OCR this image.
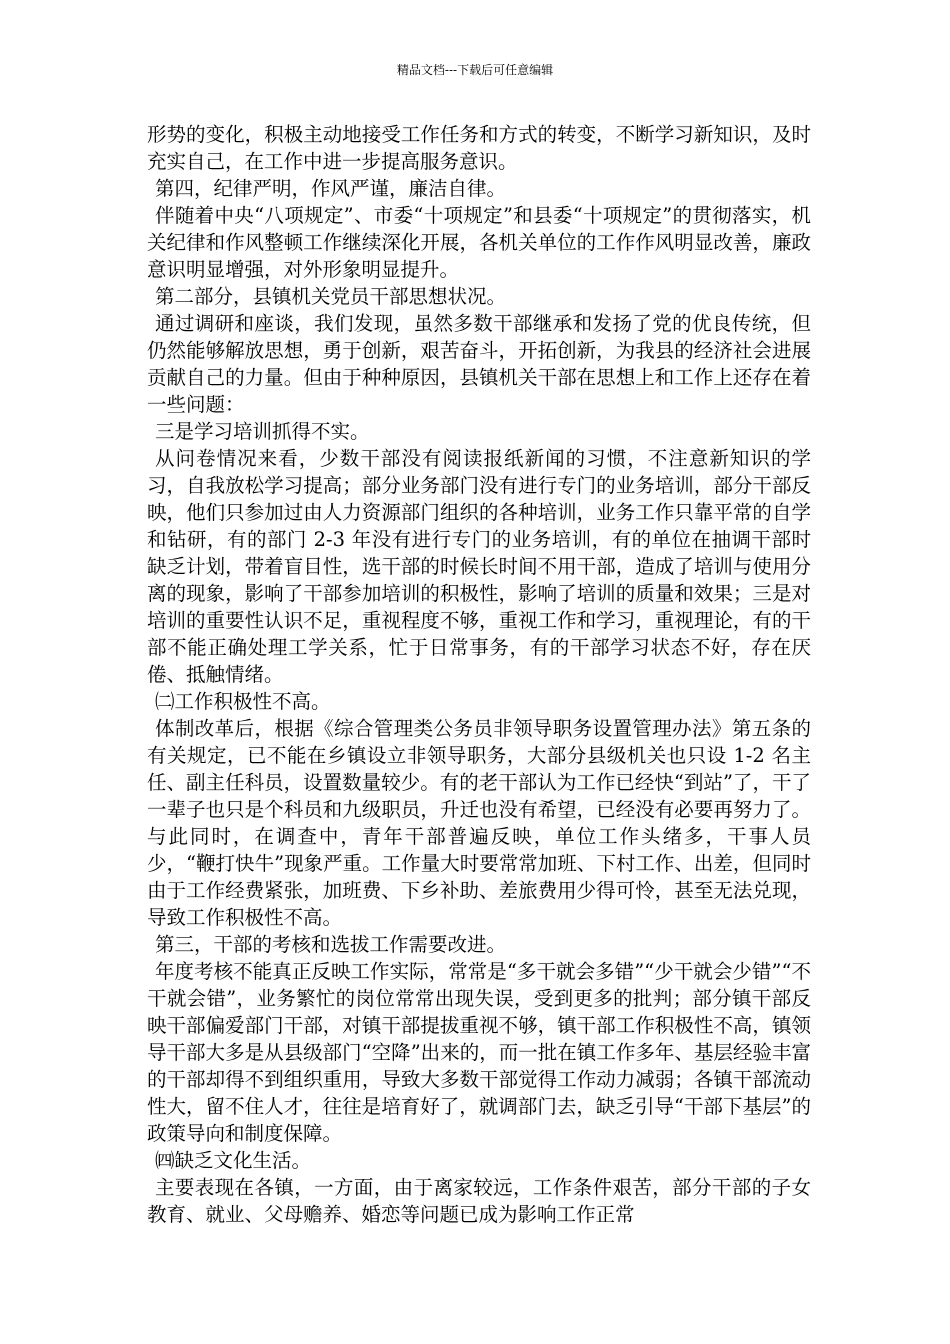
精品文档---下载后可任意编辑

形势的变化，积极主动地接受工作任务和方式的转变，不断学习新知识，及时充实自己，在工作中进一步提高服务意识。

第四，纪律严明，作风严谨，廉洁自律。

伴随着中央“八项规定”、市委“十项规定”和县委“十项规定”的贯彻落实，机关纪律和作风整顿工作继续深化开展，各机关单位的工作作风明显改善，廉政意识明显增强，对外形象明显提升。

第二部分，县镇机关党员干部思想状况。

通过调研和座谈，我们发现，虽然多数干部继承和发扬了党的优良传统，但仍然能够解放思想，勇于创新，艰苦奋斗，开拓创新，为我县的经济社会进展贡献自己的力量。但由于种种原因，县镇机关干部在思想上和工作上还存在着一些问题：

三是学习培训抓得不实。

从问卷情况来看，少数干部没有阅读报纸新闻的习惯，不注意新知识的学习，自我放松学习提高；部分业务部门没有进行专门的业务培训，部分干部反映，他们只参加过由人力资源部门组织的各种培训，业务工作只靠平常的自学和钻研，有的部门 2-3 年没有进行专门的业务培训，有的单位在抽调干部时缺乏计划，带着盲目性，选干部的时候长时间不用干部，造成了培训与使用分离的现象，影响了干部参加培训的积极性，影响了培训的质量和效果；三是对培训的重要性认识不足，重视程度不够，重视工作和学习，重视理论，有的干部不能正确处理工学关系，忙于日常事务，有的干部学习状态不好，存在厌倦、抵触情绪。

㈡工作积极性不高。

体制改革后，根据《综合管理类公务员非领导职务设置管理办法》第五条的有关规定，已不能在乡镇设立非领导职务，大部分县级机关也只设 1-2 名主任、副主任科员，设置数量较少。有的老干部认为工作已经快“到站”了，干了一辈子也只是个科员和九级职员，升迁也没有希望，已经没有必要再努力了。与此同时，在调查中，青年干部普遍反映，单位工作头绪多，干事人员少，“鞭打快牛”现象严重。工作量大时要常常加班、下村工作、出差，但同时由于工作经费紧张，加班费、下乡补助、差旅费用少得可怜，甚至无法兑现，导致工作积极性不高。

第三，干部的考核和选拔工作需要改进。

年度考核不能真正反映工作实际，常常是“多干就会多错”“少干就会少错”“不干就会错”，业务繁忙的岗位常常出现失误，受到更多的批判；部分镇干部反映干部偏爱部门干部，对镇干部提拔重视不够，镇干部工作积极性不高，镇领导干部大多是从县级部门“空降”出来的，而一批在镇工作多年、基层经验丰富的干部却得不到组织重用，导致大多数干部觉得工作动力减弱；各镇干部流动性大，留不住人才，往往是培育好了，就调部门去，缺乏引导“干部下基层”的政策导向和制度保障。

㈣缺乏文化生活。

主要表现在各镇，一方面，由于离家较远，工作条件艰苦，部分干部的子女教育、就业、父母赡养、婚恋等问题已成为影响工作正常
